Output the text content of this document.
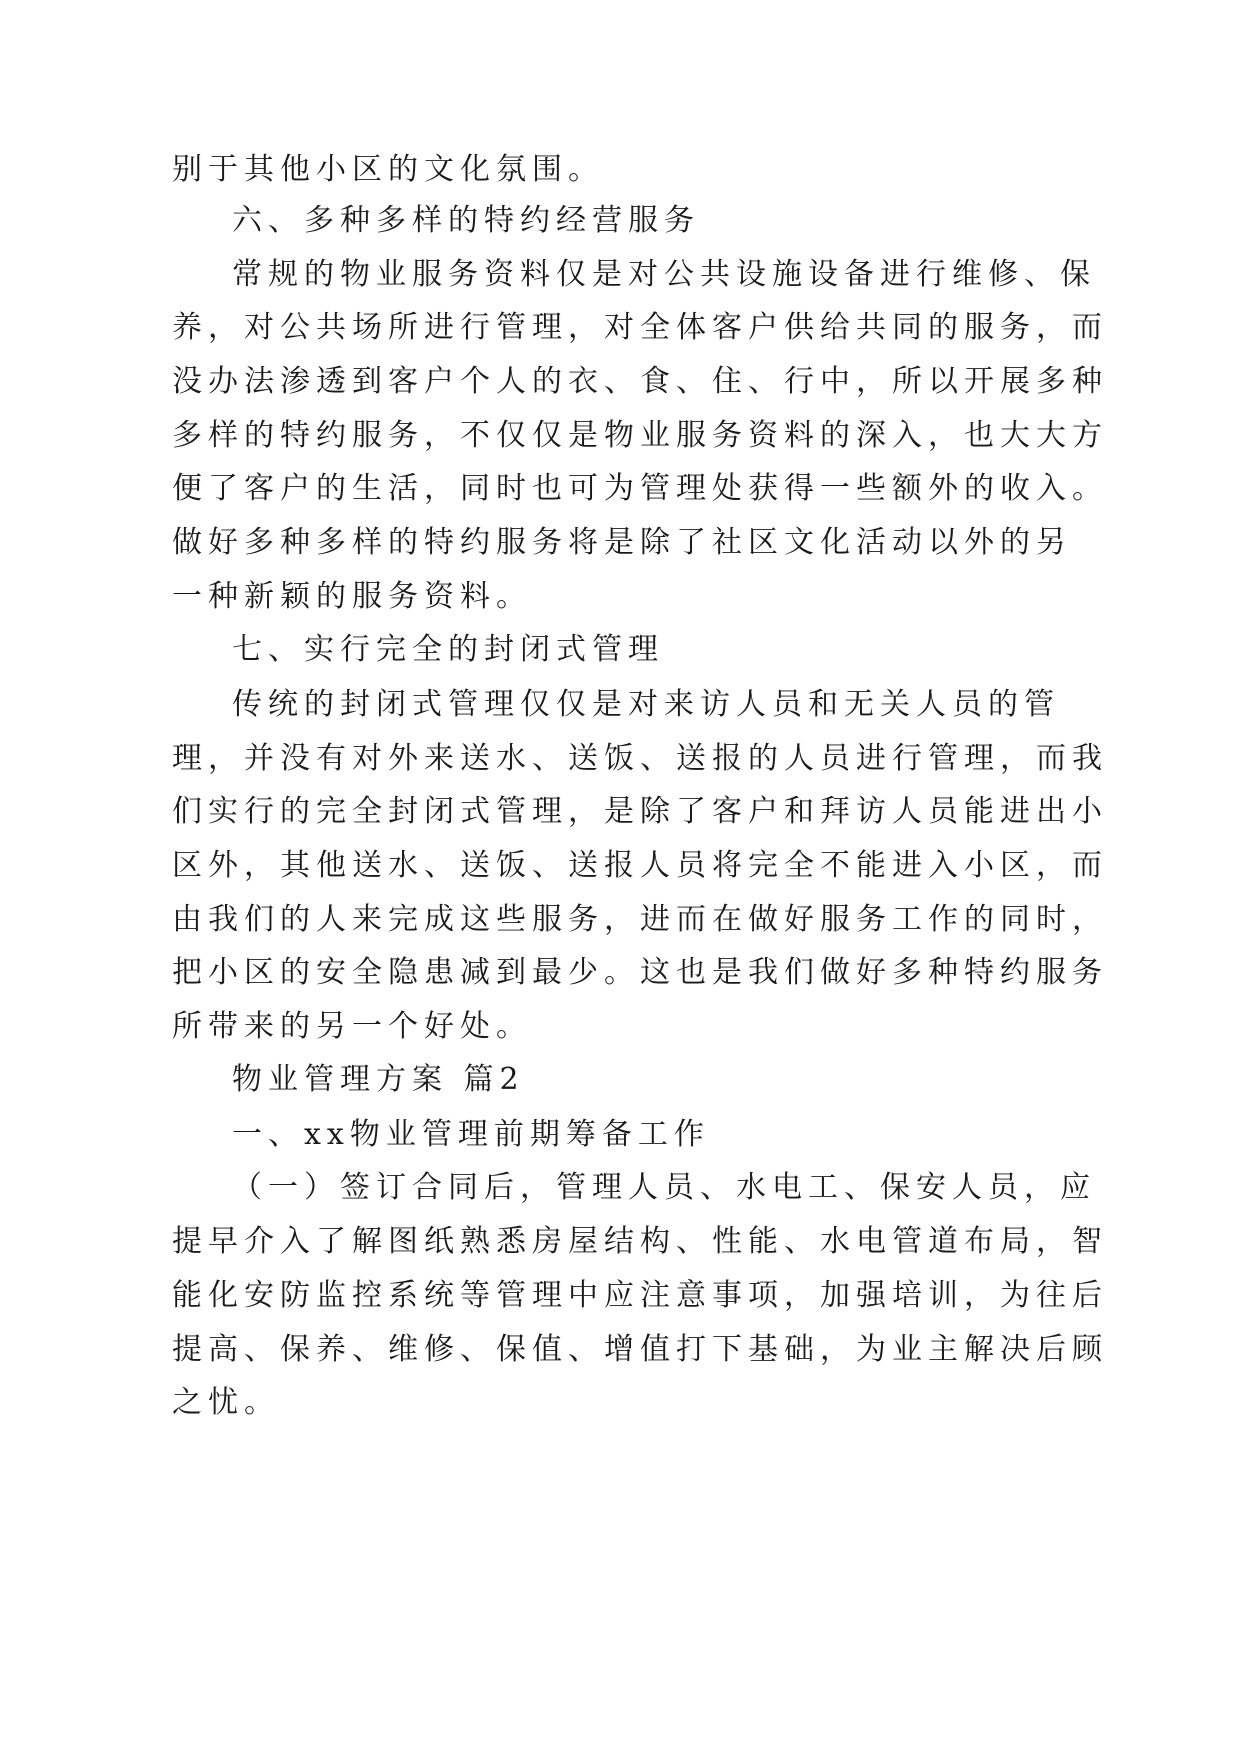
别于其他小区的文化氛围。

六、多种多样的特约经营服务

常规的物业服务资料仅是对公共设施设备进行维修、保

养，对公共场所进行管理，对全体客户供给共同的服务，而

没办法渗透到客户个人的衣、食、住、行中，所以开展多种

多样的特约服务，不仅仅是物业服务资料的深入，也大大方

便了客户的生活，同时也可为管理处获得一些额外的收入。

做好多种多样的特约服务将是除了社区文化活动以外的另

一种新颖的服务资料。

七、实行完全的封闭式管理

传统的封闭式管理仅仅是对来访人员和无关人员的管

理，并没有对外来送水、送饭、送报的人员进行管理，而我

们实行的完全封闭式管理，是除了客户和拜访人员能进出小

区外，其他送水、送饭、送报人员将完全不能进入小区，而

由我们的人来完成这些服务，进而在做好服务工作的同时，

把小区的安全隐患减到最少。这也是我们做好多种特约服务

所带来的另一个好处。

物业管理方案 篇2

一、xx物业管理前期筹备工作

（一）签订合同后，管理人员、水电工、保安人员，应

提早介入了解图纸熟悉房屋结构、性能、水电管道布局，智

能化安防监控系统等管理中应注意事项，加强培训，为往后

提高、保养、维修、保值、增值打下基础，为业主解决后顾

之忧。
